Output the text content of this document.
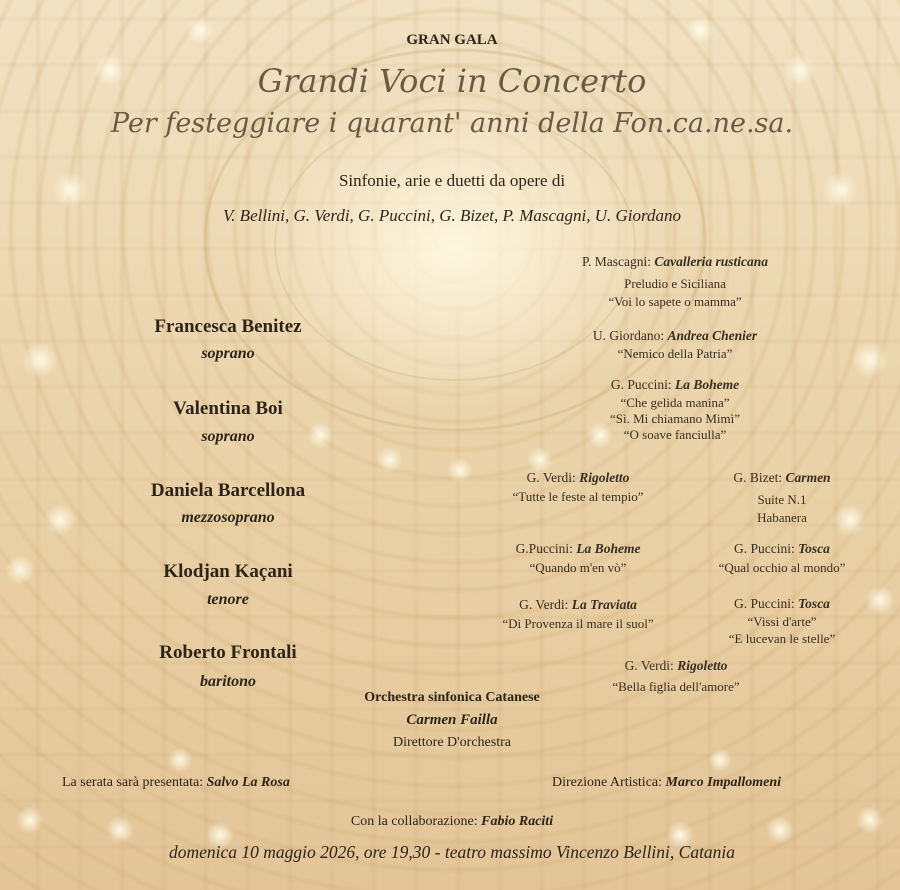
GRAN GALA
Grandi Voci in Concerto
Per festeggiare i quarant' anni della Fon.ca.ne.sa.
Sinfonie, arie e duetti da opere di
V. Bellini, G. Verdi, G. Puccini, G. Bizet, P. Mascagni, U. Giordano
Francesca Benitez
soprano
Valentina Boi
soprano
Daniela Barcellona
mezzosoprano
Klodjan Kaçani
tenore
Roberto Frontali
baritono
P. Mascagni: Cavalleria rusticana
Preludio e Siciliana
“Voi lo sapete o mamma”
U. Giordano: Andrea Chenier
“Nemico della Patria”
G. Puccini: La Boheme
“Che gelida manina”
“Sì. Mi chiamano Mimì”
“O soave fanciulla”
G. Verdi: Rigoletto
“Tutte le feste al tempio”
G. Bizet: Carmen
Suite N.1
Habanera
G.Puccini: La Boheme
“Quando m'en vò”
G. Puccini: Tosca
“Qual occhio al mondo”
G. Verdi: La Traviata
“Di Provenza il mare il suol”
G. Puccini: Tosca
“Vissi d'arte”
“E lucevan le stelle”
G. Verdi: Rigoletto
“Bella figlia dell'amore”
Orchestra sinfonica Catanese
Carmen Failla
Direttore D'orchestra
La serata sarà presentata: Salvo La Rosa	Direzione Artistica: Marco Impallomeni
Con la collaborazione: Fabio Raciti
domenica 10 maggio 2026, ore 19,30 - teatro massimo Vincenzo Bellini, Catania
